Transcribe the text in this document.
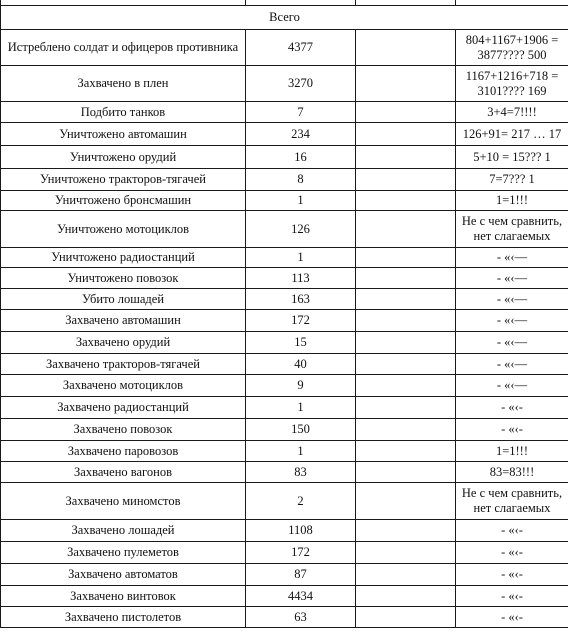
Всего			
Истреблено солдат и офицеров противника	4377		804+1167+1906 = 3877???? 500
Захвачено в плен	3270		1167+1216+718 = 3101???? 169
Подбито танков	7		3+4=7!!!!
Уничтожено автомашин	234		126+91= 217 … 17
Уничтожено орудий	16		5+10 = 15??? 1
Уничтожено тракторов-тягачей	8		7=7??? 1
Уничтожено бронсмашин	1		1=1!!!
Уничтожено мотоциклов	126		Не с чем сравнить, нет слагаемых
Уничтожено радиостанций	1		- «‹—
Уничтожено повозок	113		- «‹—
Убито лошадей	163		- «‹—
Захвачено автомашин	172		- «‹—
Захвачено орудий	15		- «‹—
Захвачено тракторов-тягачей	40		- «‹—
Захвачено мотоциклов	9		- «‹—
Захвачено радиостанций	1		- «‹-
Захвачено повозок	150		- «‹-
Захвачено паровозов	1		1=1!!!
Захвачено вагонов	83		83=83!!!
Захвачено миномстов	2		Не с чем сравнить, нет слагаемых
Захвачено лошадей	1108		- «‹-
Захвачено пулеметов	172		- «‹-
Захвачено автоматов	87		- «‹-
Захвачено винтовок	4434		- «‹-
Захвачено пистолетов	63		- «‹-
